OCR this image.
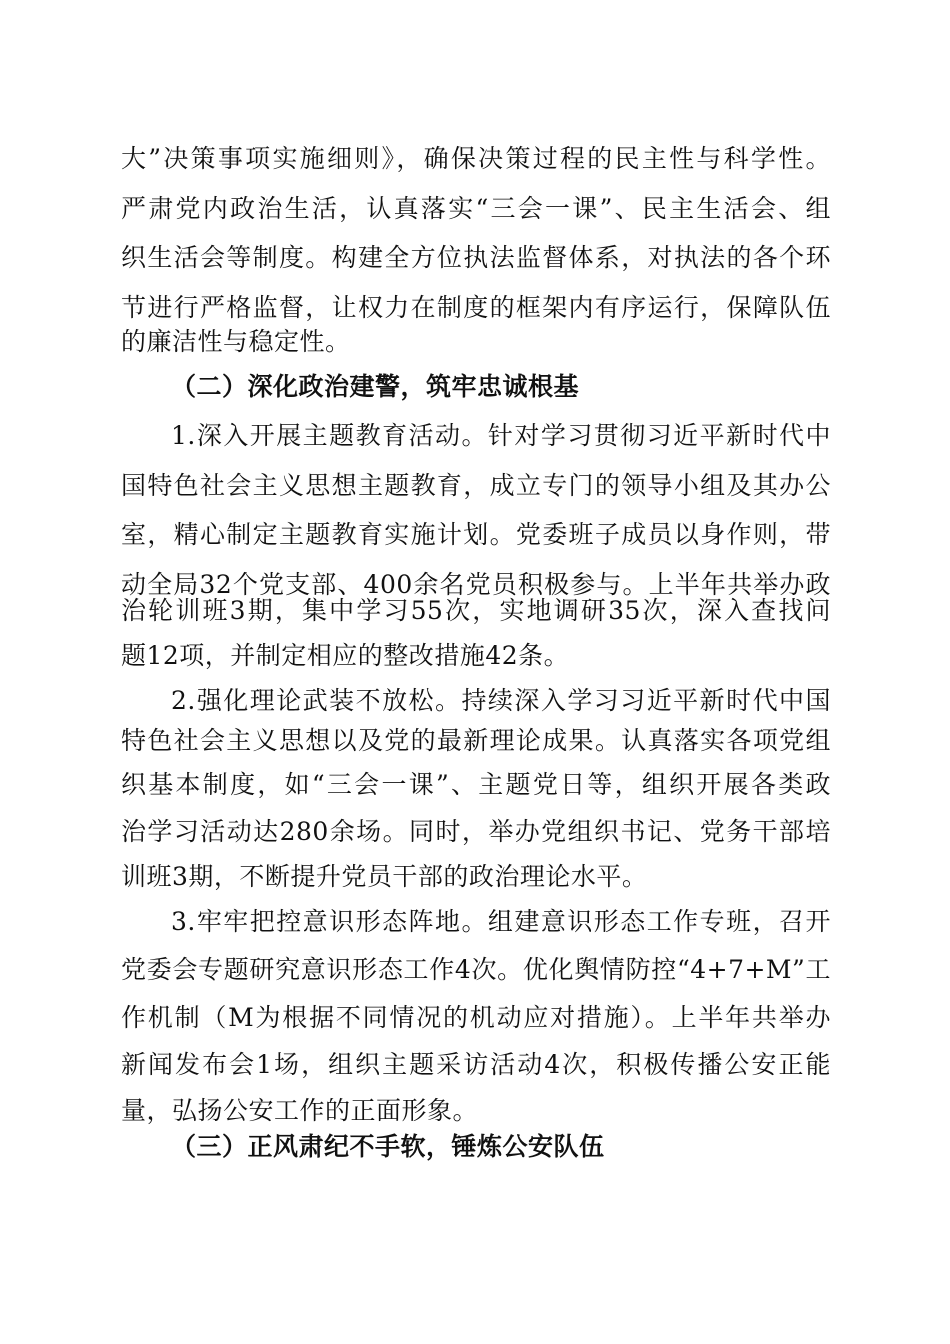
大”决策事项实施细则》，确保决策过程的民主性与科学性。

严肃党内政治生活，认真落实“三会一课”、民主生活会、组

织生活会等制度。构建全方位执法监督体系，对执法的各个环

节进行严格监督，让权力在制度的框架内有序运行，保障队伍

的廉洁性与稳定性。

（二）深化政治建警，筑牢忠诚根基

1.深入开展主题教育活动。针对学习贯彻习近平新时代中

国特色社会主义思想主题教育，成立专门的领导小组及其办公

室，精心制定主题教育实施计划。党委班子成员以身作则，带

动全局32个党支部、400余名党员积极参与。上半年共举办政

治轮训班3期，集中学习55次，实地调研35次，深入查找问

题12项，并制定相应的整改措施42条。

2.强化理论武装不放松。持续深入学习习近平新时代中国

特色社会主义思想以及党的最新理论成果。认真落实各项党组

织基本制度，如“三会一课”、主题党日等，组织开展各类政

治学习活动达280余场。同时，举办党组织书记、党务干部培

训班3期，不断提升党员干部的政治理论水平。

3.牢牢把控意识形态阵地。组建意识形态工作专班，召开

党委会专题研究意识形态工作4次。优化舆情防控“4+7+M”工

作机制（M为根据不同情况的机动应对措施）。上半年共举办

新闻发布会1场，组织主题采访活动4次，积极传播公安正能

量，弘扬公安工作的正面形象。

（三）正风肃纪不手软，锤炼公安队伍
